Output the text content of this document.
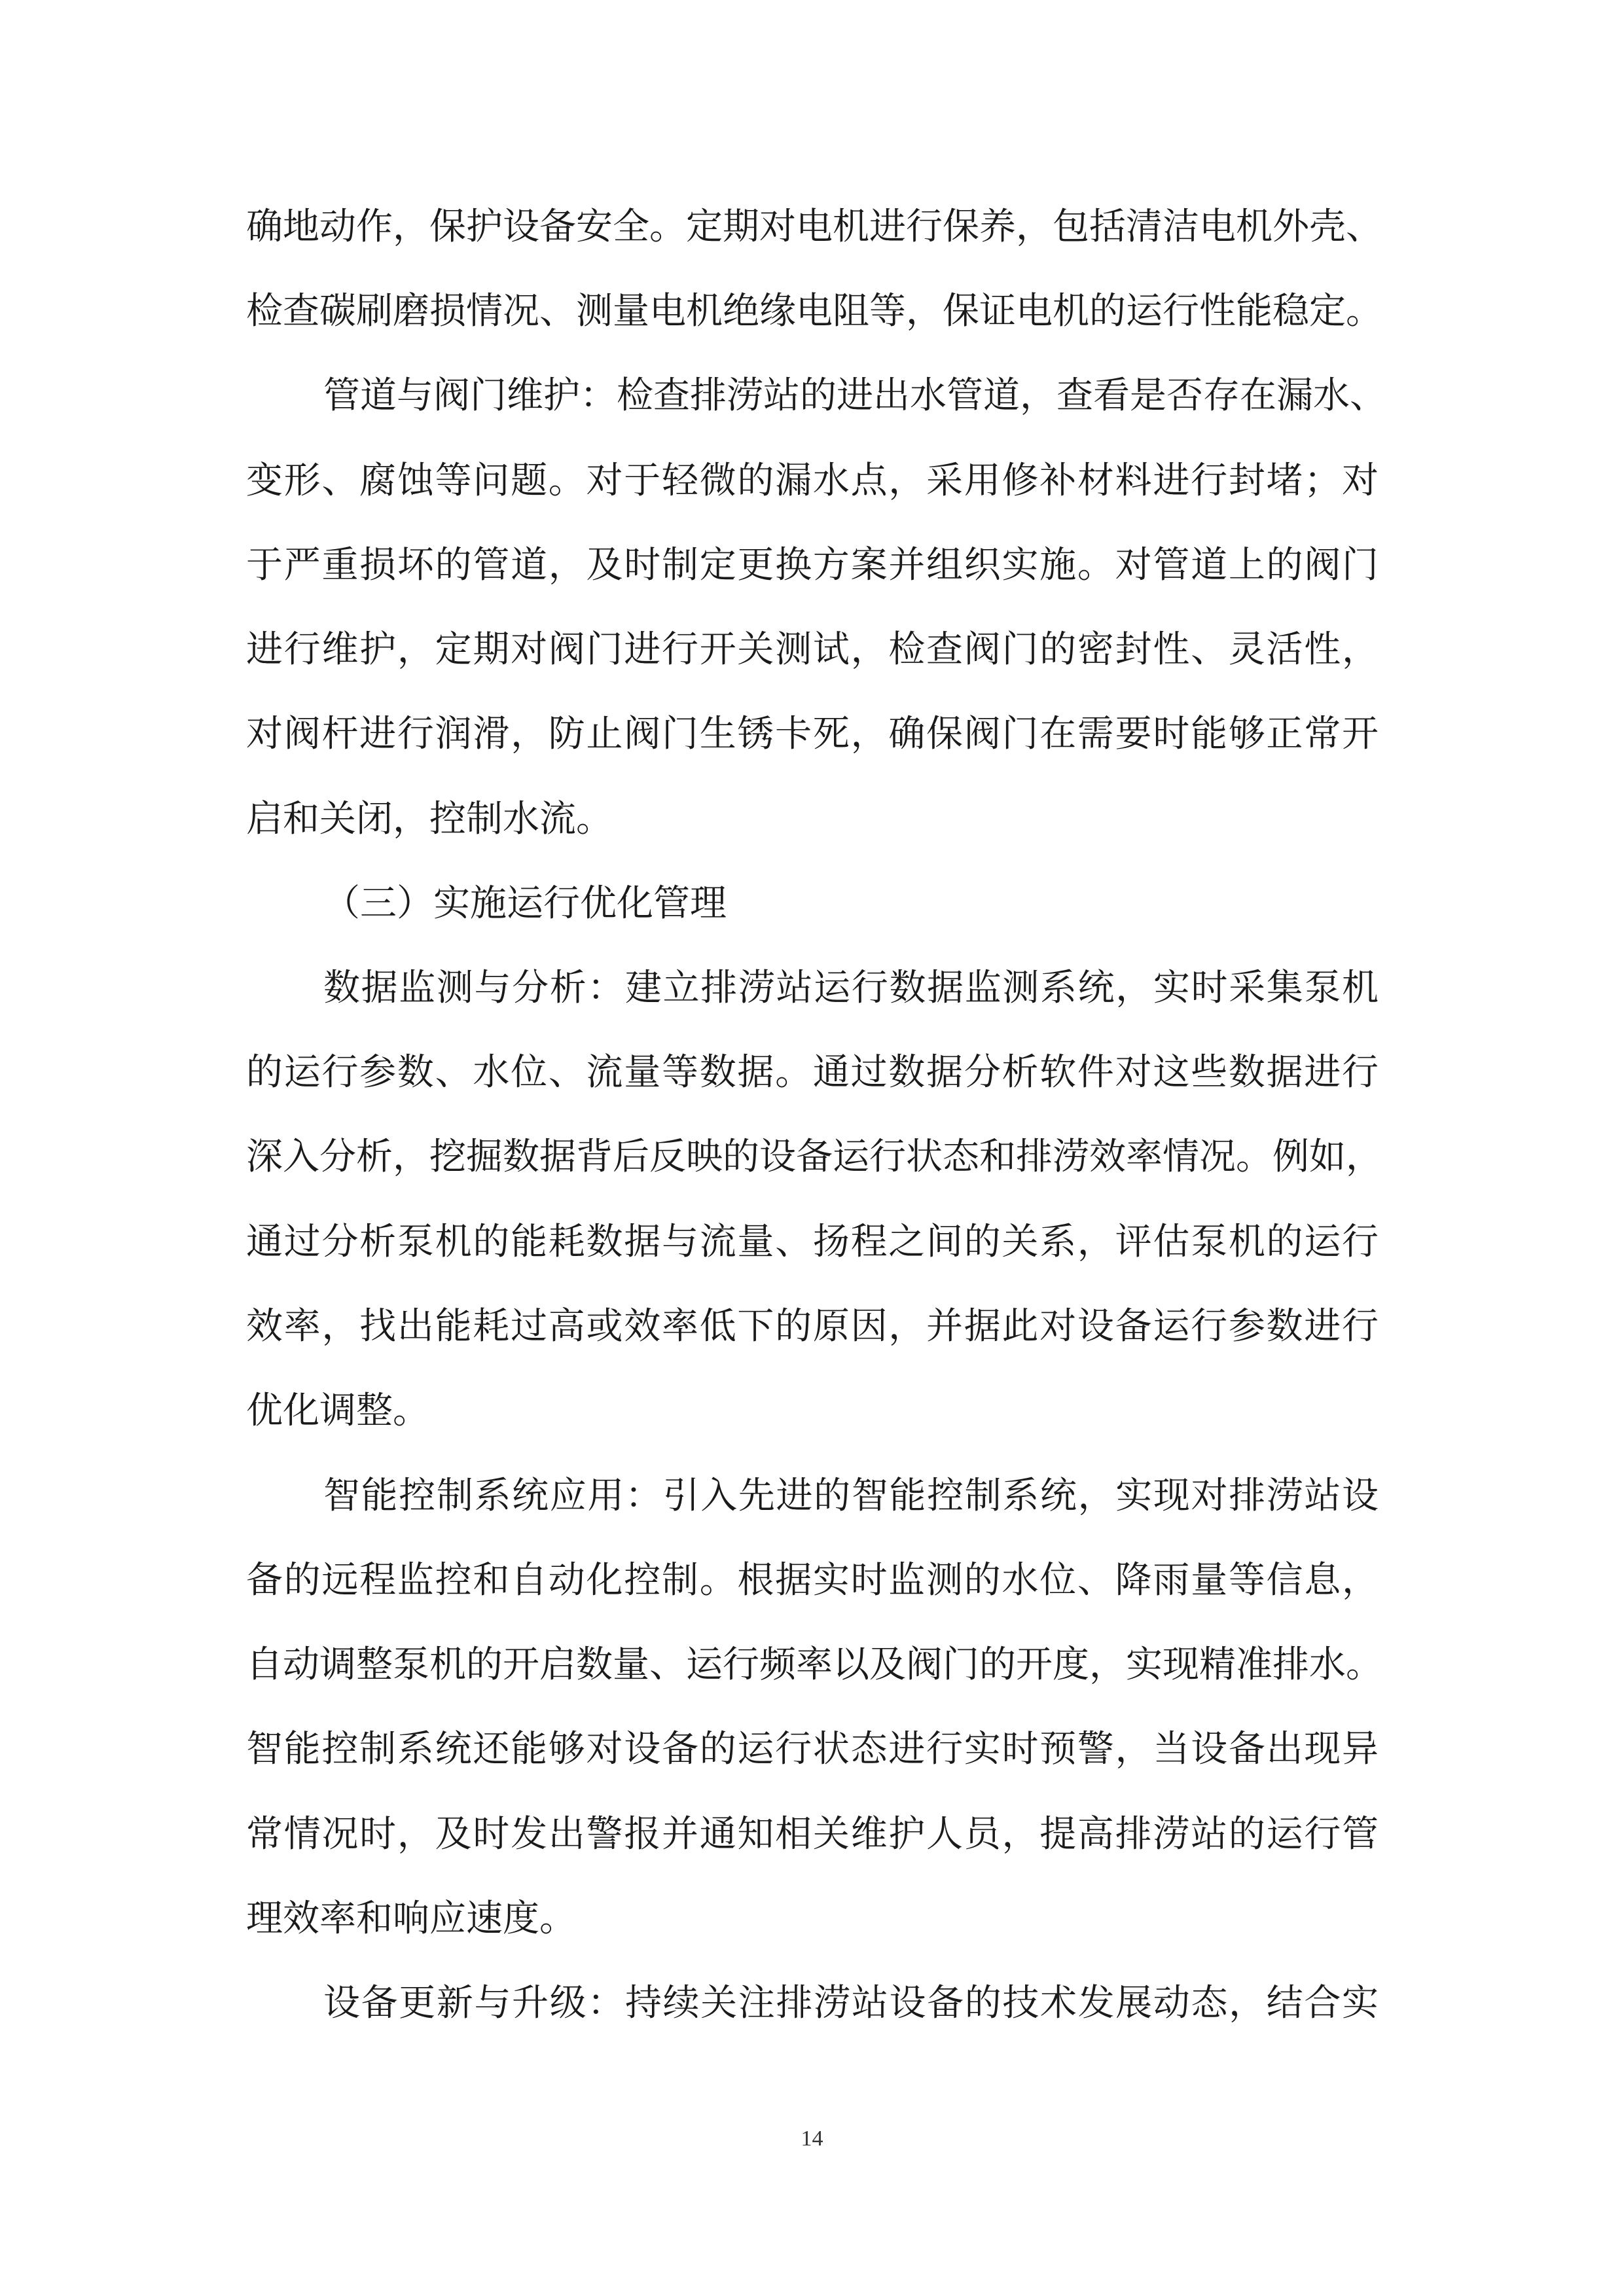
确地动作，保护设备安全。定期对电机进行保养，包括清洁电机外壳、

检查碳刷磨损情况、测量电机绝缘电阻等，保证电机的运行性能稳定。

管道与阀门维护：检查排涝站的进出水管道，查看是否存在漏水、

变形、腐蚀等问题。对于轻微的漏水点，采用修补材料进行封堵；对

于严重损坏的管道，及时制定更换方案并组织实施。对管道上的阀门

进行维护，定期对阀门进行开关测试，检查阀门的密封性、灵活性，

对阀杆进行润滑，防止阀门生锈卡死，确保阀门在需要时能够正常开

启和关闭，控制水流。

（三）实施运行优化管理

数据监测与分析：建立排涝站运行数据监测系统，实时采集泵机

的运行参数、水位、流量等数据。通过数据分析软件对这些数据进行

深入分析，挖掘数据背后反映的设备运行状态和排涝效率情况。例如，

通过分析泵机的能耗数据与流量、扬程之间的关系，评估泵机的运行

效率，找出能耗过高或效率低下的原因，并据此对设备运行参数进行

优化调整。

智能控制系统应用：引入先进的智能控制系统，实现对排涝站设

备的远程监控和自动化控制。根据实时监测的水位、降雨量等信息，

自动调整泵机的开启数量、运行频率以及阀门的开度，实现精准排水。

智能控制系统还能够对设备的运行状态进行实时预警，当设备出现异

常情况时，及时发出警报并通知相关维护人员，提高排涝站的运行管

理效率和响应速度。

设备更新与升级：持续关注排涝站设备的技术发展动态，结合实

14
